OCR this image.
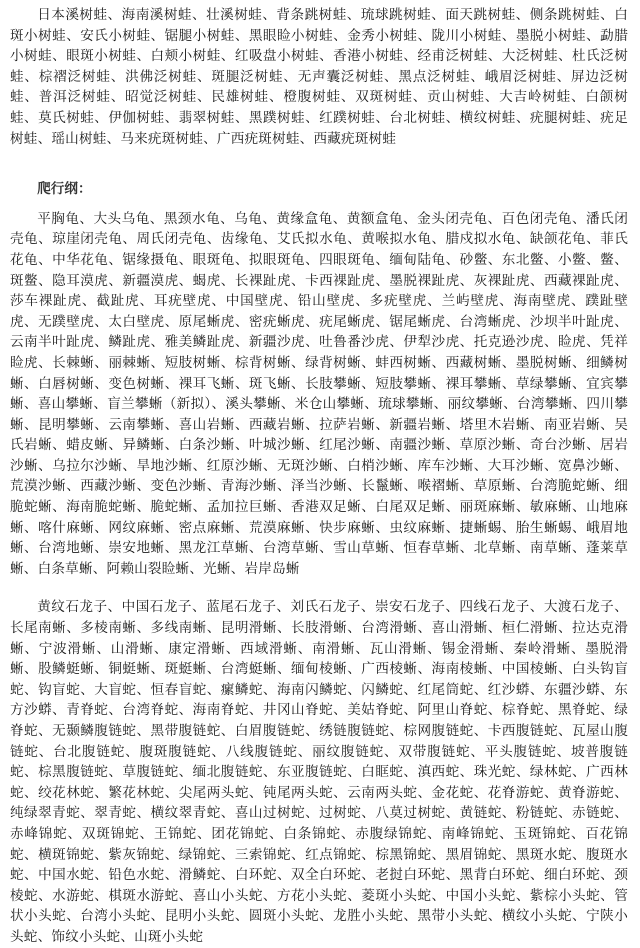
日本溪树蛙、海南溪树蛙、壮溪树蛙、背条跳树蛙、琉球跳树蛙、面天跳树蛙、侧条跳树蛙、白斑小树蛙、安氏小树蛙、锯腿小树蛙、黑眼睑小树蛙、金秀小树蛙、陇川小树蛙、墨脱小树蛙、勐腊小树蛙、眼斑小树蛙、白颊小树蛙、红吸盘小树蛙、香港小树蛙、经甫泛树蛙、大泛树蛙、杜氏泛树蛙、棕褶泛树蛙、洪佛泛树蛙、斑腿泛树蛙、无声囊泛树蛙、黑点泛树蛙、峨眉泛树蛙、屏边泛树蛙、普洱泛树蛙、昭觉泛树蛙、民雄树蛙、橙腹树蛙、双斑树蛙、贡山树蛙、大吉岭树蛙、白颌树蛙、莫氏树蛙、伊伽树蛙、翡翠树蛙、黑蹼树蛙、红蹼树蛙、台北树蛙、横纹树蛙、疣腿树蛙、疣足树蛙、瑶山树蛙、马来疣斑树蛙、广西疣斑树蛙、西藏疣斑树蛙

爬行纲：

平胸龟、大头乌龟、黑颈水龟、乌龟、黄缘盒龟、黄额盒龟、金头闭壳龟、百色闭壳龟、潘氏闭壳龟、琼崖闭壳龟、周氏闭壳龟、齿缘龟、艾氏拟水龟、黄喉拟水龟、腊戍拟水龟、缺颌花龟、菲氏花龟、中华花龟、锯缘摄龟、眼斑龟、拟眼斑龟、四眼斑龟、缅甸陆龟、砂鳖、东北鳖、小鳖、鳖、斑鳖、隐耳漠虎、新疆漠虎、蝎虎、长裸趾虎、卡西裸趾虎、墨脱裸趾虎、灰裸趾虎、西藏裸趾虎、莎车裸趾虎、截趾虎、耳疣壁虎、中国壁虎、铅山壁虎、多疣壁虎、兰屿壁虎、海南壁虎、蹼趾壁虎、无蹼壁虎、太白壁虎、原尾蜥虎、密疣蜥虎、疣尾蜥虎、锯尾蜥虎、台湾蜥虎、沙坝半叶趾虎、云南半叶趾虎、鳞趾虎、雅美鳞趾虎、新疆沙虎、吐鲁番沙虎、伊犁沙虎、托克逊沙虎、睑虎、凭祥睑虎、长棘蜥、丽棘蜥、短肢树蜥、棕背树蜥、绿背树蜥、蚌西树蜥、西藏树蜥、墨脱树蜥、细鳞树蜥、白唇树蜥、变色树蜥、裸耳飞蜥、斑飞蜥、长肢攀蜥、短肢攀蜥、裸耳攀蜥、草绿攀蜥、宜宾攀蜥、喜山攀蜥、盲兰攀蜥（新拟）、溪头攀蜥、米仓山攀蜥、琉球攀蜥、丽纹攀蜥、台湾攀蜥、四川攀蜥、昆明攀蜥、云南攀蜥、喜山岩蜥、西藏岩蜥、拉萨岩蜥、新疆岩蜥、塔里木岩蜥、南亚岩蜥、吴氏岩蜥、蜡皮蜥、异鳞蜥、白条沙蜥、叶城沙蜥、红尾沙蜥、南疆沙蜥、草原沙蜥、奇台沙蜥、居岩沙蜥、乌拉尔沙蜥、旱地沙蜥、红原沙蜥、无斑沙蜥、白梢沙蜥、库车沙蜥、大耳沙蜥、宽鼻沙蜥、荒漠沙蜥、西藏沙蜥、变色沙蜥、青海沙蜥、泽当沙蜥、长鬣蜥、喉褶蜥、草原蜥、台湾脆蛇蜥、细脆蛇蜥、海南脆蛇蜥、脆蛇蜥、孟加拉巨蜥、香港双足蜥、白尾双足蜥、丽斑麻蜥、敏麻蜥、山地麻蜥、喀什麻蜥、网纹麻蜥、密点麻蜥、荒漠麻蜥、快步麻蜥、虫纹麻蜥、捷蜥蜴、胎生蜥蜴、峨眉地蜥、台湾地蜥、崇安地蜥、黑龙江草蜥、台湾草蜥、雪山草蜥、恒春草蜥、北草蜥、南草蜥、蓬莱草蜥、白条草蜥、阿赖山裂睑蜥、光蜥、岩岸岛蜥

黄纹石龙子、中国石龙子、蓝尾石龙子、刘氏石龙子、崇安石龙子、四线石龙子、大渡石龙子、长尾南蜥、多棱南蜥、多线南蜥、昆明滑蜥、长肢滑蜥、台湾滑蜥、喜山滑蜥、桓仁滑蜥、拉达克滑蜥、宁波滑蜥、山滑蜥、康定滑蜥、西域滑蜥、南滑蜥、瓦山滑蜥、锡金滑蜥、秦岭滑蜥、墨脱滑蜥、股鳞蜓蜥、铜蜓蜥、斑蜓蜥、台湾蜓蜥、缅甸棱蜥、广西棱蜥、海南棱蜥、中国棱蜥、白头钩盲蛇、钩盲蛇、大盲蛇、恒春盲蛇、瘰鳞蛇、海南闪鳞蛇、闪鳞蛇、红尾筒蛇、红沙蟒、东疆沙蟒、东方沙蟒、青脊蛇、台湾脊蛇、海南脊蛇、井冈山脊蛇、美姑脊蛇、阿里山脊蛇、棕脊蛇、黑脊蛇、绿脊蛇、无颞鳞腹链蛇、黑带腹链蛇、白眉腹链蛇、绣链腹链蛇、棕网腹链蛇、卡西腹链蛇、瓦屋山腹链蛇、台北腹链蛇、腹斑腹链蛇、八线腹链蛇、丽纹腹链蛇、双带腹链蛇、平头腹链蛇、坡普腹链蛇、棕黑腹链蛇、草腹链蛇、缅北腹链蛇、东亚腹链蛇、白眶蛇、滇西蛇、珠光蛇、绿林蛇、广西林蛇、绞花林蛇、繁花林蛇、尖尾两头蛇、钝尾两头蛇、云南两头蛇、金花蛇、花脊游蛇、黄脊游蛇、纯绿翠青蛇、翠青蛇、横纹翠青蛇、喜山过树蛇、过树蛇、八莫过树蛇、黄链蛇、粉链蛇、赤链蛇、赤峰锦蛇、双斑锦蛇、王锦蛇、团花锦蛇、白条锦蛇、赤腹绿锦蛇、南峰锦蛇、玉斑锦蛇、百花锦蛇、横斑锦蛇、紫灰锦蛇、绿锦蛇、三索锦蛇、红点锦蛇、棕黑锦蛇、黑眉锦蛇、黑斑水蛇、腹斑水蛇、中国水蛇、铅色水蛇、滑鳞蛇、白环蛇、双全白环蛇、老挝白环蛇、黑背白环蛇、细白环蛇、颈棱蛇、水游蛇、棋斑水游蛇、喜山小头蛇、方花小头蛇、菱斑小头蛇、中国小头蛇、紫棕小头蛇、管状小头蛇、台湾小头蛇、昆明小头蛇、圆斑小头蛇、龙胜小头蛇、黑带小头蛇、横纹小头蛇、宁陕小头蛇、饰纹小头蛇、山斑小头蛇
